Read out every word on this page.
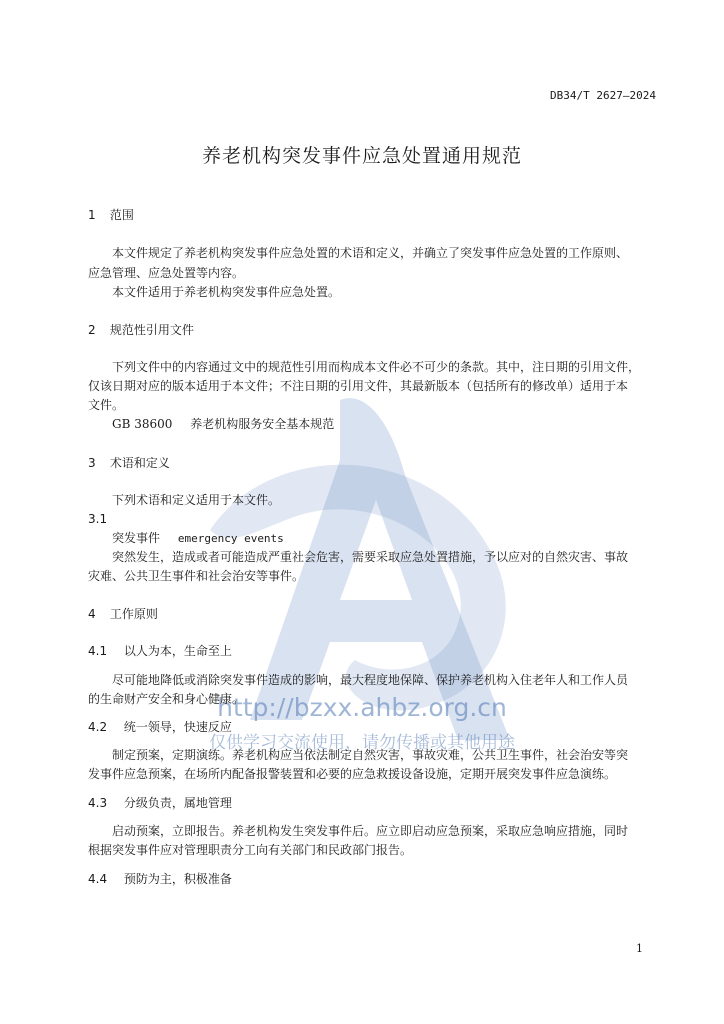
http://bzxx.ahbz.org.cn
仅供学习交流使用，请勿传播或其他用途
DB34/T 2627—2024
养老机构突发事件应急处置通用规范
1 范围
本文件规定了养老机构突发事件应急处置的术语和定义，并确立了突发事件应急处置的工作原则、
应急管理、应急处置等内容。
本文件适用于养老机构突发事件应急处置。
2 规范性引用文件
下列文件中的内容通过文中的规范性引用而构成本文件必不可少的条款。其中，注日期的引用文件，
仅该日期对应的版本适用于本文件；不注日期的引用文件，其最新版本（包括所有的修改单）适用于本
文件。
GB 38600 养老机构服务安全基本规范
3 术语和定义
下列术语和定义适用于本文件。
3.1
突发事件 emergency events
突然发生，造成或者可能造成严重社会危害，需要采取应急处置措施，予以应对的自然灾害、事故
灾难、公共卫生事件和社会治安等事件。
4 工作原则
4.1 以人为本，生命至上
尽可能地降低或消除突发事件造成的影响，最大程度地保障、保护养老机构入住老年人和工作人员
的生命财产安全和身心健康。
4.2 统一领导，快速反应
制定预案，定期演练。养老机构应当依法制定自然灾害，事故灾难，公共卫生事件，社会治安等突
发事件应急预案，在场所内配备报警装置和必要的应急救援设备设施，定期开展突发事件应急演练。
4.3 分级负责，属地管理
启动预案，立即报告。养老机构发生突发事件后。应立即启动应急预案，采取应急响应措施，同时
根据突发事件应对管理职责分工向有关部门和民政部门报告。
4.4 预防为主，积极准备
1
